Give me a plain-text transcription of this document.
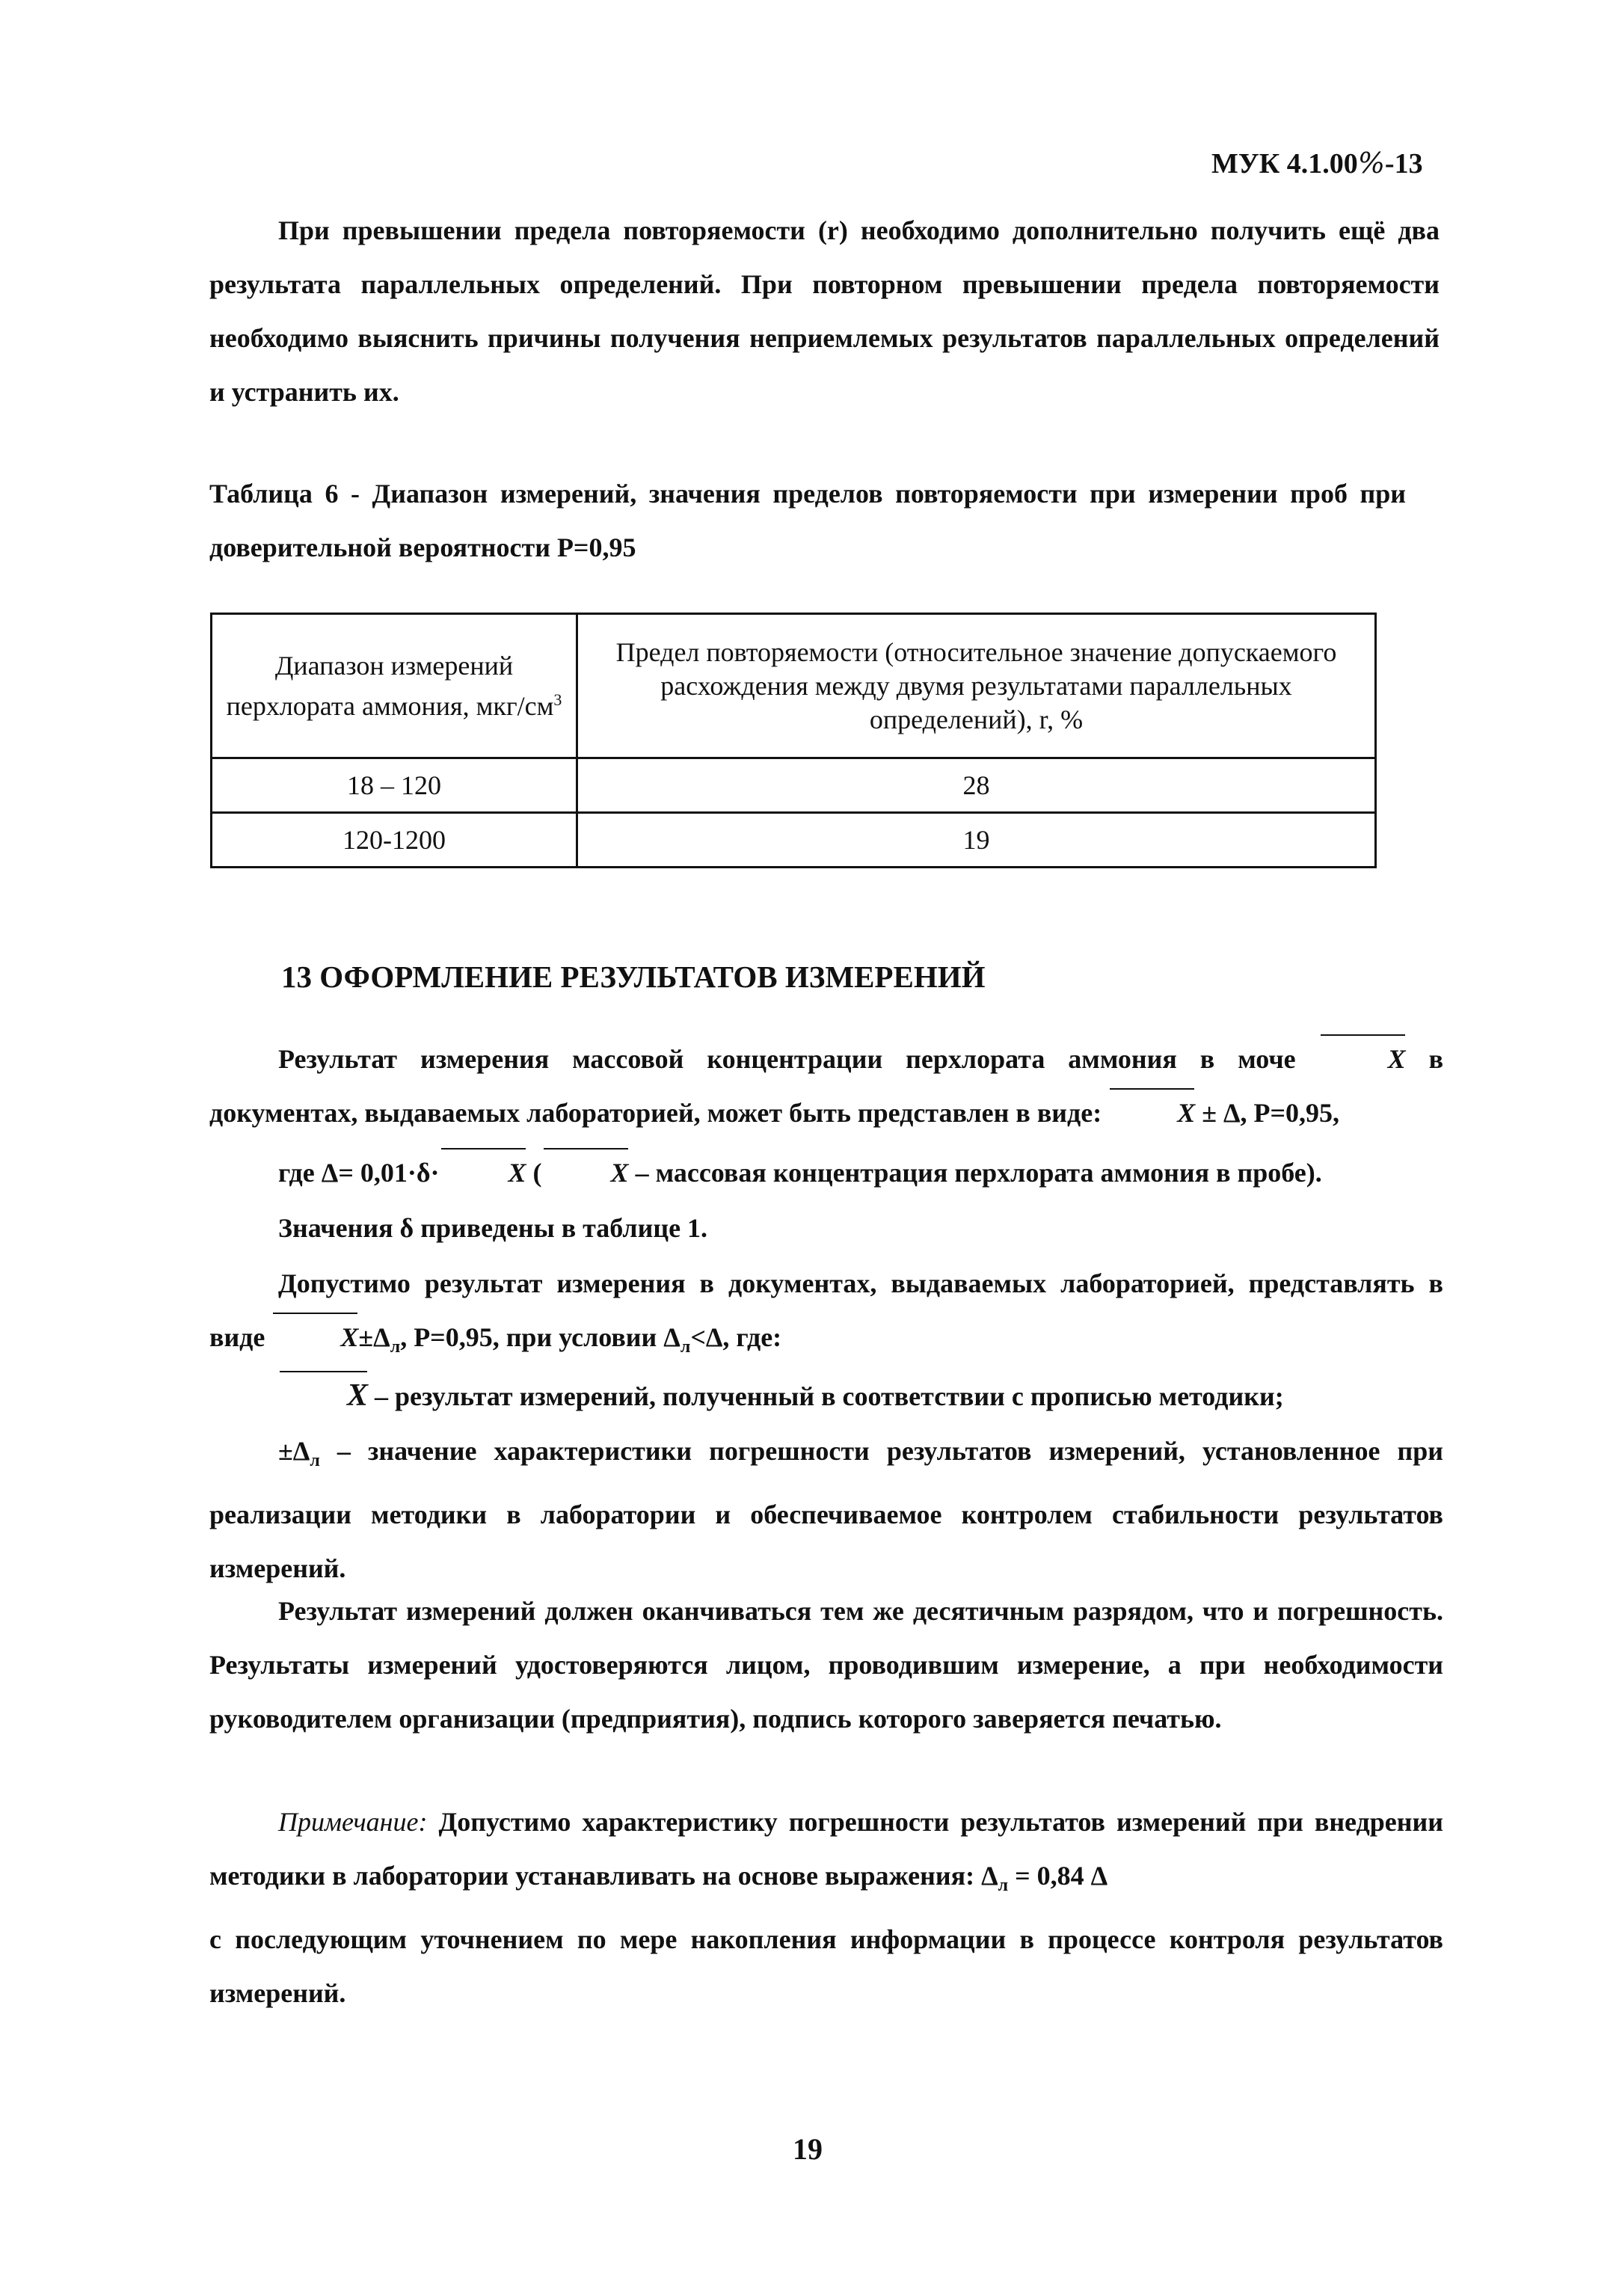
МУК 4.1.00%-13

При превышении предела повторяемости (r) необходимо дополнительно получить ещё два результата параллельных определений. При повторном превышении предела повторяемости необходимо выяснить причины получения неприемлемых результатов параллельных определений и устранить их.

Таблица 6 - Диапазон измерений, значения пределов повторяемости при измерении проб при доверительной вероятности Р=0,95

Диапазон измерений перхлората аммония, мкг/$см^3$	Предел повторяемости (относительное значение допускаемого расхождения между двумя результатами параллельных определений), r, %
18 – 120	28
120-1200	19
13 ОФОРМЛЕНИЕ РЕЗУЛЬТАТОВ ИЗМЕРЕНИЙ

Результат измерения массовой концентрации перхлората аммония в моче	X в документах, выдаваемых лабораторией, может быть представлен в виде:	X ± Δ, Р=0,95,

где Δ= 0,01·δ·	X (	X – массовая концентрация перхлората аммония в пробе).

Значения δ приведены в таблице 1.

Допустимо результат измерения в документах, выдаваемых лабораторией, представлять в виде	$X\pm\Delta_л$, Р=0,95, при условии $\Delta_л<\Delta$, где:

X – результат измерений, полученный в соответствии с прописью методики;

$\pm\Delta_л$ – значение характеристики погрешности результатов измерений, установленное при реализации методики в лаборатории и обеспечиваемое контролем стабильности результатов измерений.

Результат измерений должен оканчиваться тем же десятичным разрядом, что и погрешность. Результаты измерений удостоверяются лицом, проводившим измерение, а при необходимости руководителем организации (предприятия), подпись которого заверяется печатью.

Примечание: Допустимо характеристику погрешности результатов измерений при внедрении методики в лаборатории устанавливать на основе выражения: $\Delta_л = 0,84$ Δ
с последующим уточнением по мере накопления информации в процессе контроля результатов измерений.

19
